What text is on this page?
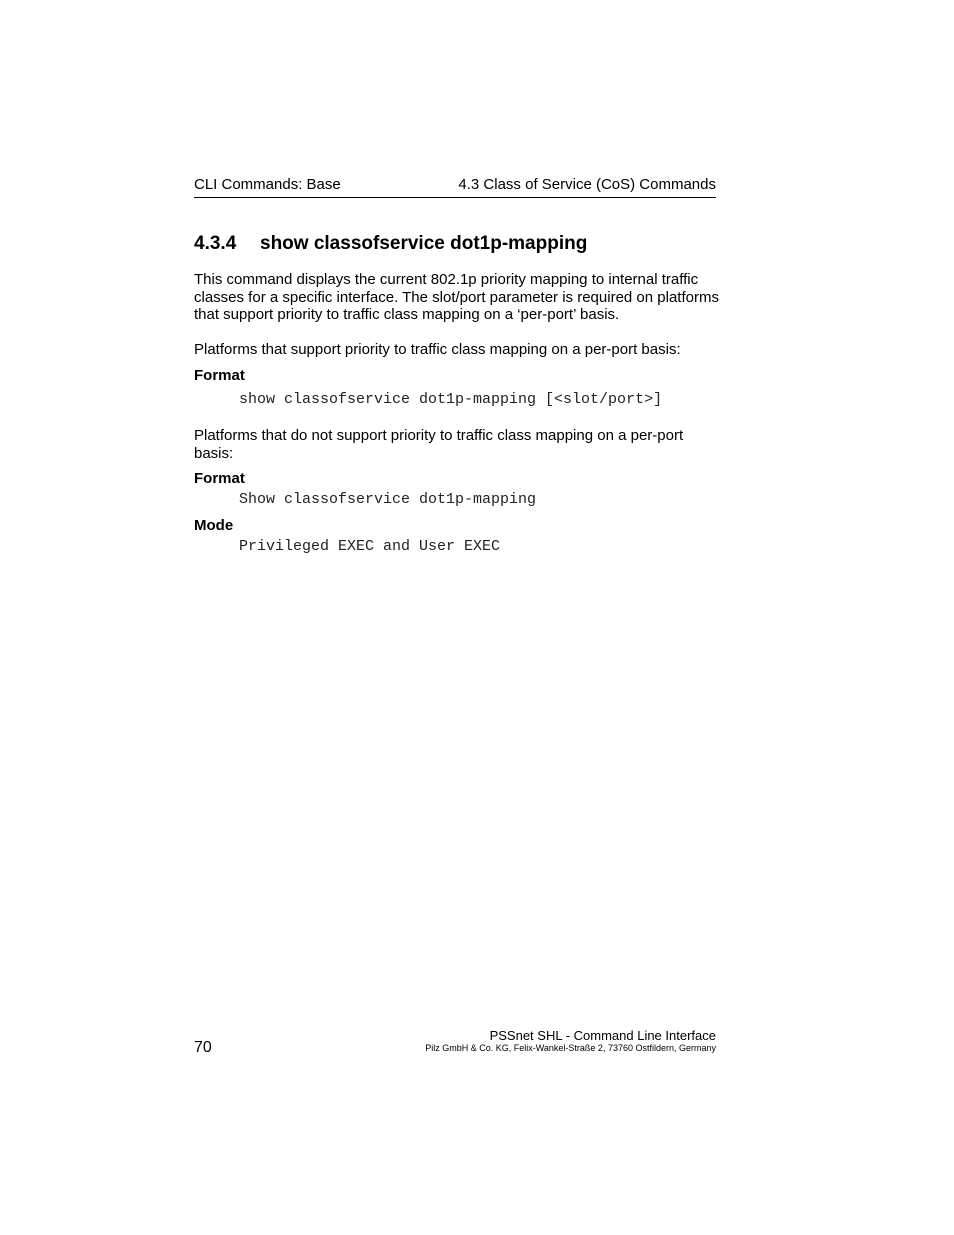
CLI Commands: Base	4.3 Class of Service (CoS) Commands
4.3.4 show classofservice dot1p-mapping
This command displays the current 802.1p priority mapping to internal traffic classes for a specific interface. The slot/port parameter is required on platforms that support priority to traffic class mapping on a ‘per-port’ basis.
Platforms that support priority to traffic class mapping on a per-port basis:
Format
show classofservice dot1p-mapping [<slot/port>]
Platforms that do not support priority to traffic class mapping on a per-port basis:
Format
Show classofservice dot1p-mapping
Mode
Privileged EXEC and User EXEC
PSSnet SHL - Command Line Interface
Pilz GmbH & Co. KG, Felix-Wankel-Straße 2, 73760 Ostfildern, Germany
70
